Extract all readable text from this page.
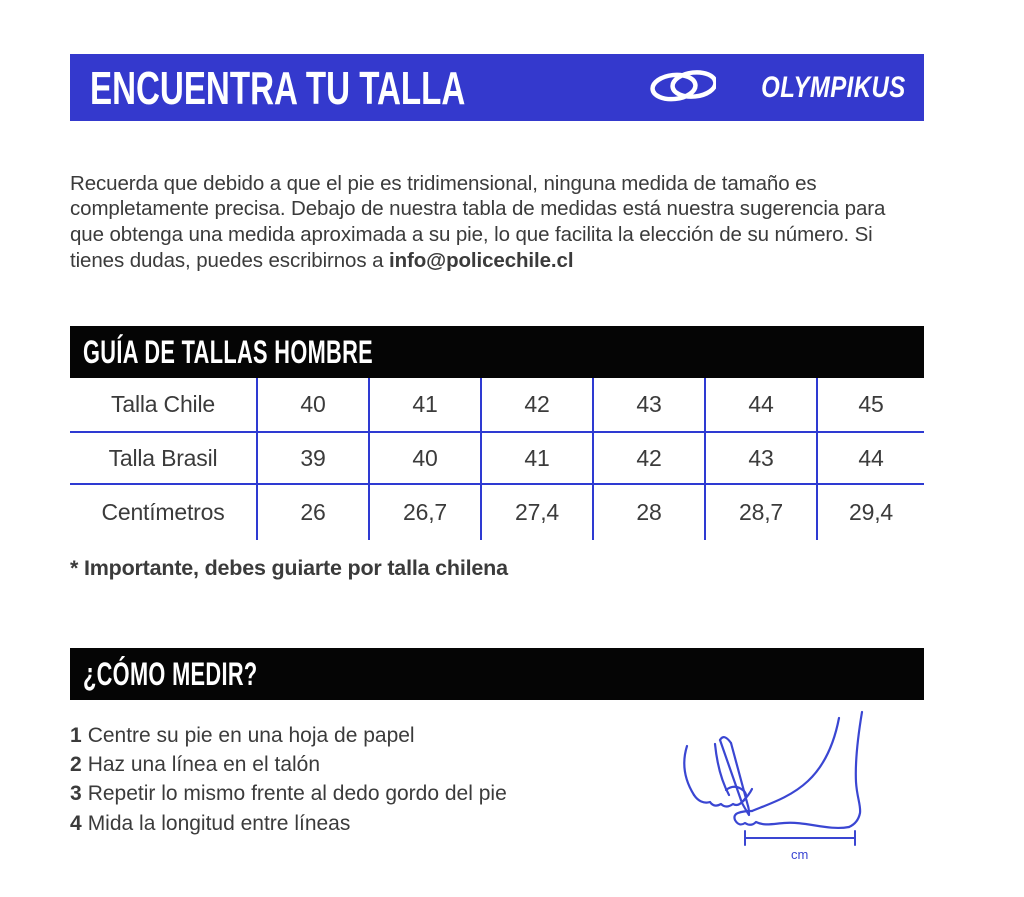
ENCUENTRA TU TALLA	OLYMPIKUS

Recuerda que debido a que el pie es tridimensional, ninguna medida de tamaño es completamente precisa. Debajo de nuestra tabla de medidas está nuestra sugerencia para que obtenga una medida aproximada a su pie, lo que facilita la elección de su número. Si tienes dudas, puedes escribirnos a info@policechile.cl

GUÍA DE TALLAS HOMBRE
Talla Chile	40	41	42	43	44	45
Talla Brasil	39	40	41	42	43	44
Centímetros	26	26,7	27,4	28	28,7	29,4
* Importante, debes guiarte por talla chilena
¿CÓMO MEDIR?
1 Centre su pie en una hoja de papel
2 Haz una línea en el talón
3 Repetir lo mismo frente al dedo gordo del pie
4 Mida la longitud entre líneas
cm
